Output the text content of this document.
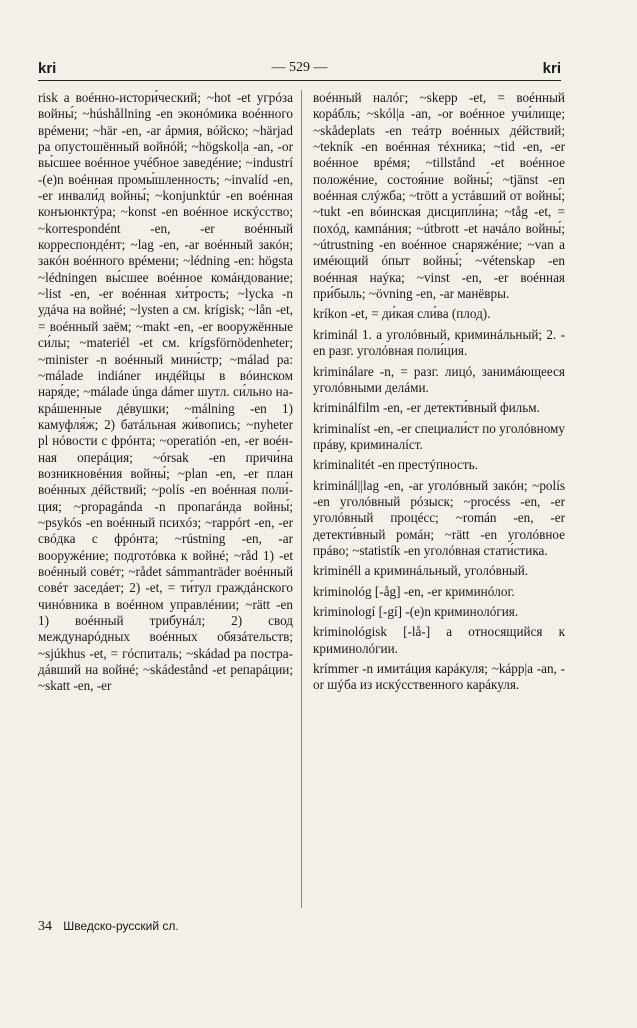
kri	— 529 —	kri

risk a воéнно-истори́ческий; ~hot -et угрóза войны́; ~húshållning -en эконóмика воéнного врéмени; ~här -en, -ar áрмия, вóйско; ~härjad pa опустошённый войнóй; ~högskol|a -an, -or вы́сшее воéнное учéбное заведéние; ~industrí -(e)n воéнная промы́шленность; ~invalíd -en, -er инвали́д войны́; ~konjunktúr -en воéнная конъюнктýра; ~konst -en воéнное искýсство; ~korrespondént -en, -er воéнный корреспондéнт; ~lag -en, -ar воéнный закóн; закóн воéнного врéмени; ~lédning -en: högsta ~lédningen вы́сшее воéнное комáндование; ~list -en, -er воéнная хи́трость; ~lycka -n удáча на войнé; ~lysten a см. krígisk; ~lån -et, = воéнный заём; ~makt -en, -er вооружённые си́лы; ~materiél -et см. krígsförnödenheter; ~minister -n воéнный мини́стр; ~málad pa: ~málade indiáner индéйцы в вóинском наря́де; ~málade únga dámer шутл. си́льно накрáшенные дéвушки; ~málning -en 1) камуфля́ж; 2) батáльная жи́вопись; ~nyheter pl нóвости с фрóнта; ~operatión -en, -er воéнная оперáция; ~órsak -en причи́на возникновéния войны́; ~plan -en, -er план воéнных дéйствий; ~polís -en воéнная поли́ция; ~propagánda -n пропагáнда войны́; ~psykós -en воéнный психóз; ~rappórt -en, -er свóдка с фрóнта; ~rústning -en, -ar вооружéние; подготóвка к войнé; ~råd 1) -et воéнный совéт; ~rådet sámmanträder воéнный совéт заседáет; 2) -et, = ти́тул граждáнского чинóвника в воéнном управлéнии; ~rätt -en 1) воéнный трибунáл; 2) свод междунарóдных воéнных обязáтельств; ~sjúkhus -et, = гóспиталь; ~skádad pa пострадáвший на войнé; ~skádestånd -et репарáции; ~skatt -en, -er

воéнный налóг; ~skepp -et, = воéнный корáбль; ~skól|a -an, -or воéнное учи́лище; ~skådeplats -en теáтр воéнных дéйствий; ~tekník -en воéнная тéхника; ~tid -en, -er воéнное врéмя; ~tillstånd -et воéнное положéние, состоя́ние войны́; ~tjänst -en воéнная слýжба; ~trött a устáвший от войны́; ~tukt -en вóинская дисципли́на; ~tåg -et, = похóд, кампáния; ~útbrott -et начáло войны́; ~útrustning -en воéнное снаряжéние; ~van a имéющий óпыт войны́; ~vétenskap -en воéнная наýка; ~vinst -en, -er воéнная при́быль; ~övning -en, -ar манёвры.

kríkon -et, = ди́кая сли́ва (плод).

kriminál 1. a уголóвный, криминáльный; 2. -en разг. уголóвная поли́ция.

kriminálare -n, = разг. лицó, занимáющееся уголóвными делáми.

kriminálfilm -en, -er детекти́вный фильм.

kriminalíst -en, -er специали́ст по уголóвному прáву, криминалíст.

kriminalitét -en престýпность.

kriminál||lag -en, -ar уголóвный закóн; ~polís -en уголóвный рóзыск; ~procéss -en, -er уголóвный процéсс; ~román -en, -er детекти́вный ромáн; ~rätt -en уголóвное прáво; ~statistík -en уголóвная стати́стика.

kriminéll a криминáльный, уголóвный.

kriminológ [-åg] -en, -er криминóлог.

kriminologí [-gí] -(e)n криминолóгия.

kriminológisk [-lå-] a относящийся к криминолóгии.

krímmer -n имитáция карáкуля; ~kápp|a -an, -or шýба из искýсственного карáкуля.

34 Шведско-русский сл.
